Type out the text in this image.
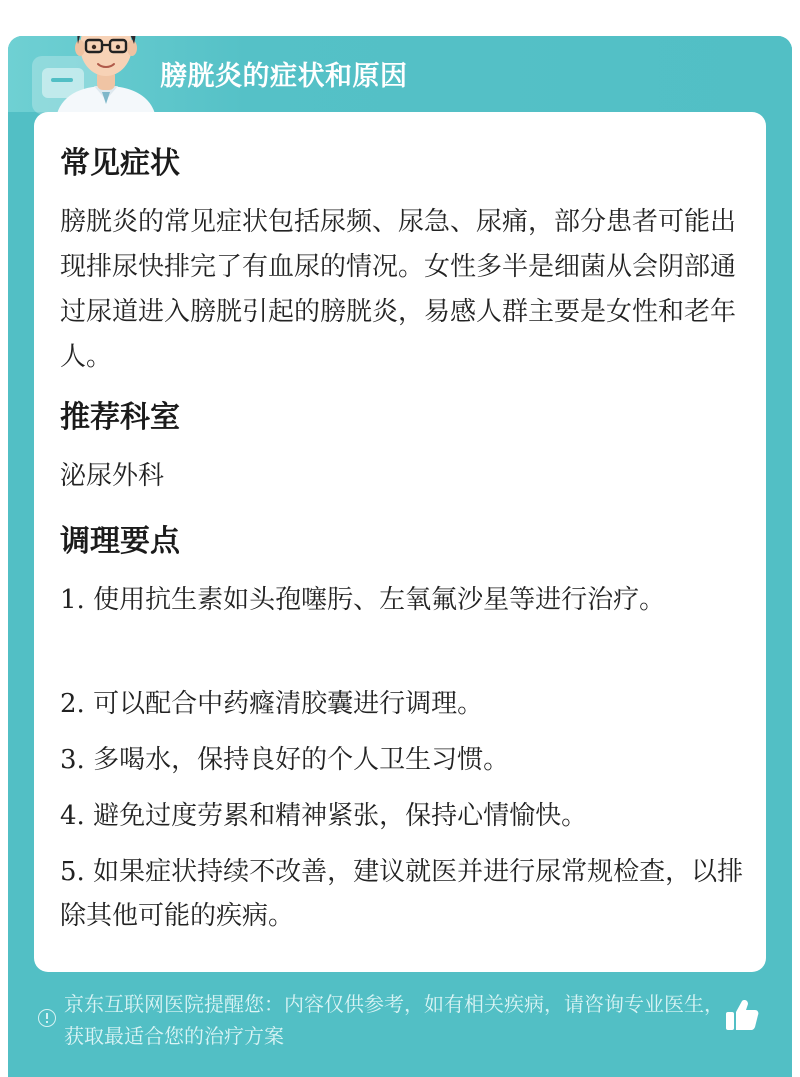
膀胱炎的症状和原因
常见症状

膀胱炎的常见症状包括尿频、尿急、尿痛，部分患者可能出现排尿快排完了有血尿的情况。女性多半是细菌从会阴部通过尿道进入膀胱引起的膀胱炎，易感人群主要是女性和老年人。

推荐科室

泌尿外科

调理要点

1. 使用抗生素如头孢噻肟、左氧氟沙星等进行治疗。

2. 可以配合中药癃清胶囊进行调理。

3. 多喝水，保持良好的个人卫生习惯。

4. 避免过度劳累和精神紧张，保持心情愉快。

5. 如果症状持续不改善，建议就医并进行尿常规检查，以排除其他可能的疾病。

京东互联网医院提醒您：内容仅供参考，如有相关疾病，请咨询专业医生，获取最适合您的治疗方案
